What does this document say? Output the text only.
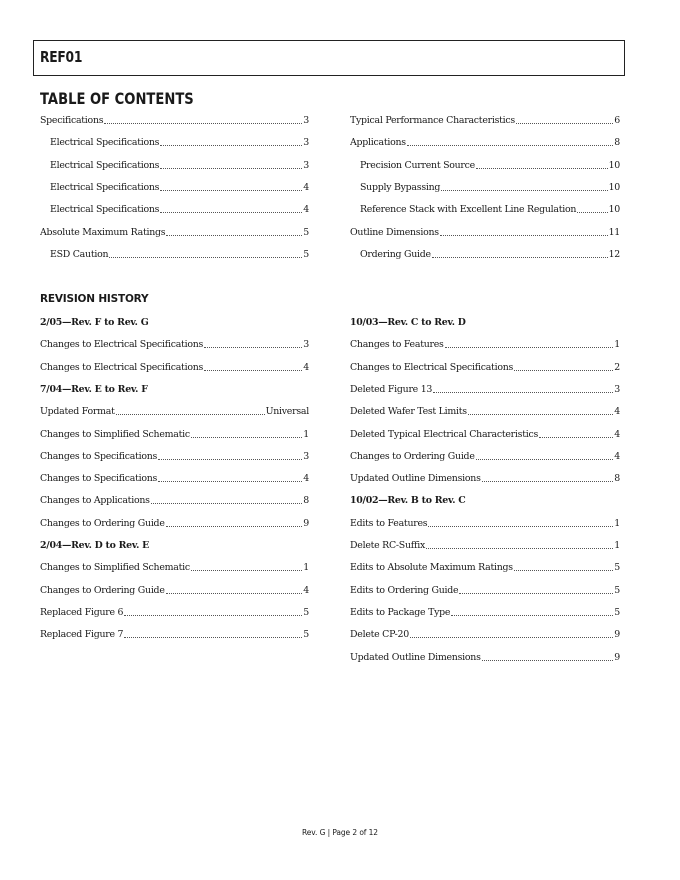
REF01
TABLE OF CONTENTS
Specifications	3
Electrical Specifications	3
Electrical Specifications	3
Electrical Specifications	4
Electrical Specifications	4
Absolute Maximum Ratings	5
ESD Caution	5
Typical Performance Characteristics	6
Applications	8
Precision Current Source	10
Supply Bypassing	10
Reference Stack with Excellent Line Regulation	10
Outline Dimensions	11
Ordering Guide	12
REVISION HISTORY
2/05—Rev. F to Rev. G
Changes to Electrical Specifications	3
Changes to Electrical Specifications	4
7/04—Rev. E to Rev. F
Updated Format	Universal
Changes to Simplified Schematic	1
Changes to Specifications	3
Changes to Specifications	4
Changes to Applications	8
Changes to Ordering Guide	9
2/04—Rev. D to Rev. E
Changes to Simplified Schematic	1
Changes to Ordering Guide	4
Replaced Figure 6	5
Replaced Figure 7	5
10/03—Rev. C to Rev. D
Changes to Features	1
Changes to Electrical Specifications	2
Deleted Figure 13	3
Deleted Wafer Test Limits	4
Deleted Typical Electrical Characteristics	4
Changes to Ordering Guide	4
Updated Outline Dimensions	8
10/02—Rev. B to Rev. C
Edits to Features	1
Delete RC-Suffix	1
Edits to Absolute Maximum Ratings	5
Edits to Ordering Guide	5
Edits to Package Type	5
Delete CP-20	9
Updated Outline Dimensions	9
Rev. G | Page 2 of 12
